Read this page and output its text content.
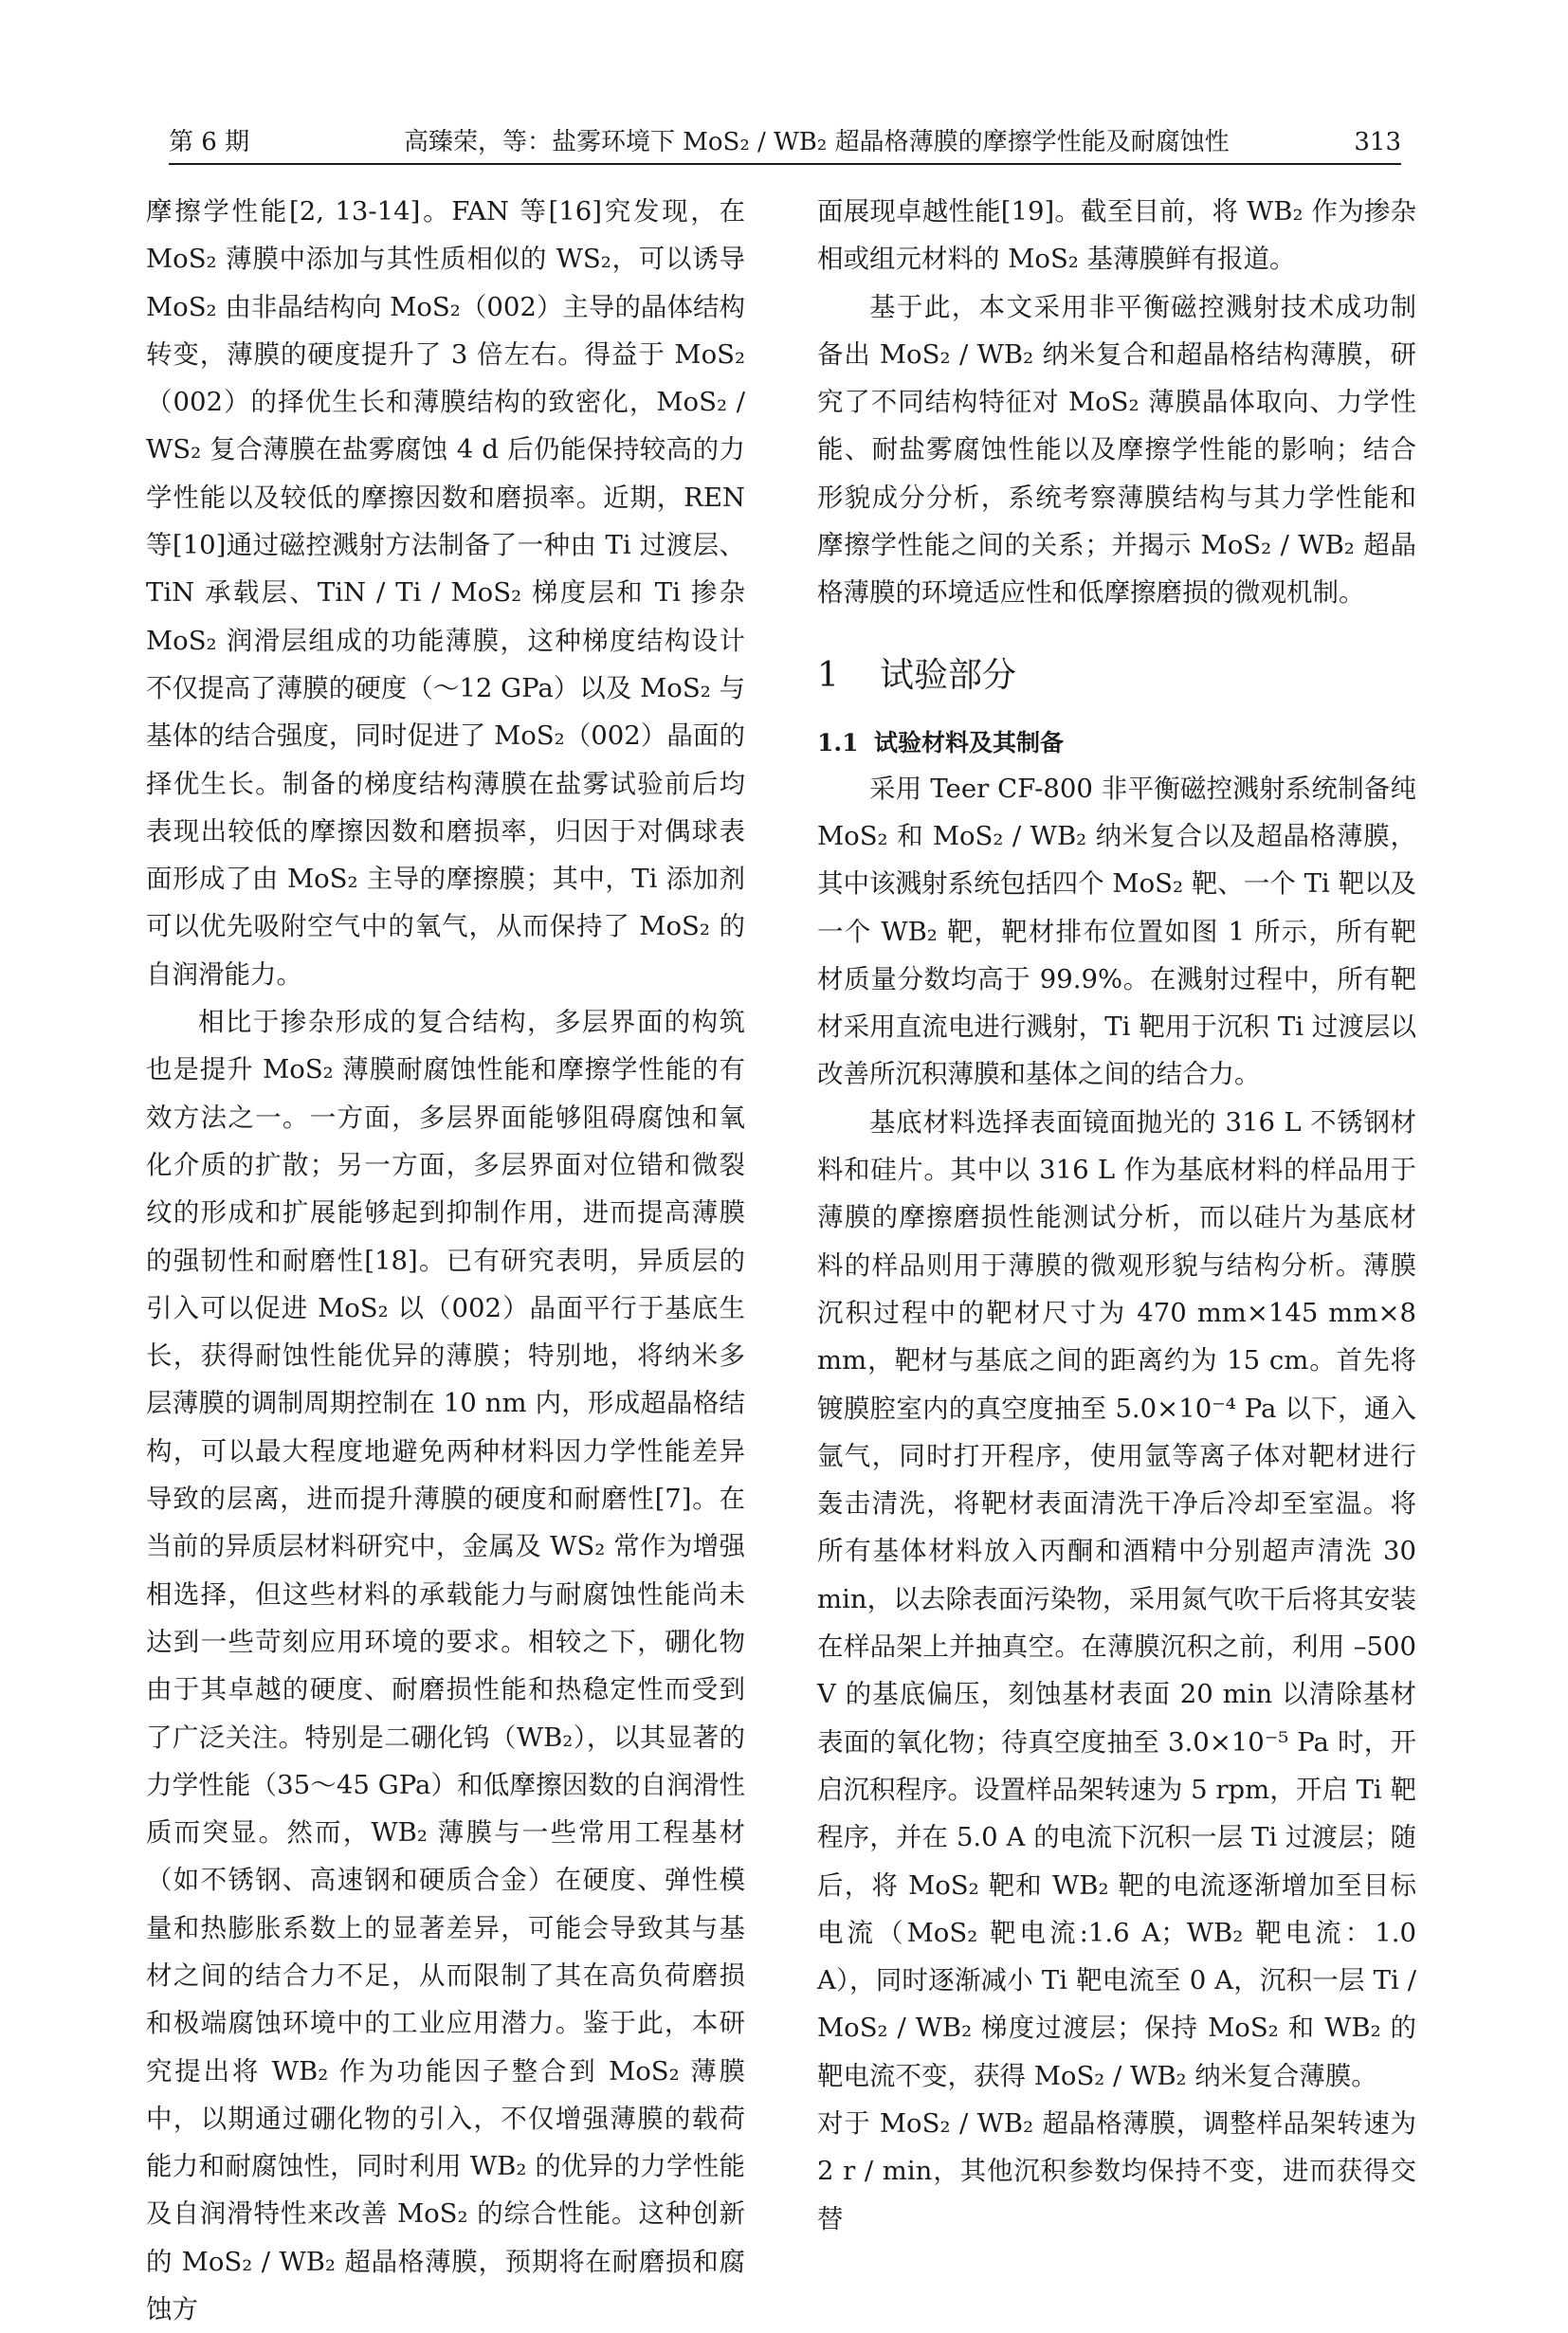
第 6 期	高臻荣，等：盐雾环境下 MoS₂ / WB₂ 超晶格薄膜的摩擦学性能及耐腐蚀性	313

摩擦学性能[2, 13-14]。FAN 等[16]究发现，在 MoS₂ 薄膜中添加与其性质相似的 WS₂，可以诱导 MoS₂ 由非晶结构向 MoS₂（002）主导的晶体结构转变，薄膜的硬度提升了 3 倍左右。得益于 MoS₂（002）的择优生长和薄膜结构的致密化，MoS₂ / WS₂ 复合薄膜在盐雾腐蚀 4 d 后仍能保持较高的力学性能以及较低的摩擦因数和磨损率。近期，REN 等[10]通过磁控溅射方法制备了一种由 Ti 过渡层、TiN 承载层、TiN / Ti / MoS₂ 梯度层和 Ti 掺杂 MoS₂ 润滑层组成的功能薄膜，这种梯度结构设计不仅提高了薄膜的硬度（～12 GPa）以及 MoS₂ 与基体的结合强度，同时促进了 MoS₂（002）晶面的择优生长。制备的梯度结构薄膜在盐雾试验前后均表现出较低的摩擦因数和磨损率，归因于对偶球表面形成了由 MoS₂ 主导的摩擦膜；其中，Ti 添加剂可以优先吸附空气中的氧气，从而保持了 MoS₂ 的自润滑能力。

相比于掺杂形成的复合结构，多层界面的构筑也是提升 MoS₂ 薄膜耐腐蚀性能和摩擦学性能的有效方法之一。一方面，多层界面能够阻碍腐蚀和氧化介质的扩散；另一方面，多层界面对位错和微裂纹的形成和扩展能够起到抑制作用，进而提高薄膜的强韧性和耐磨性[18]。已有研究表明，异质层的引入可以促进 MoS₂ 以（002）晶面平行于基底生长，获得耐蚀性能优异的薄膜；特别地，将纳米多层薄膜的调制周期控制在 10 nm 内，形成超晶格结构，可以最大程度地避免两种材料因力学性能差异导致的层离，进而提升薄膜的硬度和耐磨性[7]。在当前的异质层材料研究中，金属及 WS₂ 常作为增强相选择，但这些材料的承载能力与耐腐蚀性能尚未达到一些苛刻应用环境的要求。相较之下，硼化物由于其卓越的硬度、耐磨损性能和热稳定性而受到了广泛关注。特别是二硼化钨（WB₂），以其显著的力学性能（35～45 GPa）和低摩擦因数的自润滑性质而突显。然而，WB₂ 薄膜与一些常用工程基材（如不锈钢、高速钢和硬质合金）在硬度、弹性模量和热膨胀系数上的显著差异，可能会导致其与基材之间的结合力不足，从而限制了其在高负荷磨损和极端腐蚀环境中的工业应用潜力。鉴于此，本研究提出将 WB₂ 作为功能因子整合到 MoS₂ 薄膜中，以期通过硼化物的引入，不仅增强薄膜的载荷能力和耐腐蚀性，同时利用 WB₂ 的优异的力学性能及自润滑特性来改善 MoS₂ 的综合性能。这种创新的 MoS₂ / WB₂ 超晶格薄膜，预期将在耐磨损和腐蚀方

面展现卓越性能[19]。截至目前，将 WB₂ 作为掺杂相或组元材料的 MoS₂ 基薄膜鲜有报道。

基于此，本文采用非平衡磁控溅射技术成功制备出 MoS₂ / WB₂ 纳米复合和超晶格结构薄膜，研究了不同结构特征对 MoS₂ 薄膜晶体取向、力学性能、耐盐雾腐蚀性能以及摩擦学性能的影响；结合形貌成分分析，系统考察薄膜结构与其力学性能和摩擦学性能之间的关系；并揭示 MoS₂ / WB₂ 超晶格薄膜的环境适应性和低摩擦磨损的微观机制。

1 试验部分
1.1 试验材料及其制备

采用 Teer CF-800 非平衡磁控溅射系统制备纯 MoS₂ 和 MoS₂ / WB₂ 纳米复合以及超晶格薄膜，其中该溅射系统包括四个 MoS₂ 靶、一个 Ti 靶以及一个 WB₂ 靶，靶材排布位置如图 1 所示，所有靶材质量分数均高于 99.9%。在溅射过程中，所有靶材采用直流电进行溅射，Ti 靶用于沉积 Ti 过渡层以改善所沉积薄膜和基体之间的结合力。

基底材料选择表面镜面抛光的 316 L 不锈钢材料和硅片。其中以 316 L 作为基底材料的样品用于薄膜的摩擦磨损性能测试分析，而以硅片为基底材料的样品则用于薄膜的微观形貌与结构分析。薄膜沉积过程中的靶材尺寸为 470 mm×145 mm×8 mm，靶材与基底之间的距离约为 15 cm。首先将镀膜腔室内的真空度抽至 5.0×10⁻⁴ Pa 以下，通入氩气，同时打开程序，使用氩等离子体对靶材进行轰击清洗，将靶材表面清洗干净后冷却至室温。将所有基体材料放入丙酮和酒精中分别超声清洗 30 min，以去除表面污染物，采用氮气吹干后将其安装在样品架上并抽真空。在薄膜沉积之前，利用 –500 V 的基底偏压，刻蚀基材表面 20 min 以清除基材表面的氧化物；待真空度抽至 3.0×10⁻⁵ Pa 时，开启沉积程序。设置样品架转速为 5 rpm，开启 Ti 靶程序，并在 5.0 A 的电流下沉积一层 Ti 过渡层；随后，将 MoS₂ 靶和 WB₂ 靶的电流逐渐增加至目标电流（MoS₂ 靶电流:1.6 A；WB₂ 靶电流：1.0 A），同时逐渐减小 Ti 靶电流至 0 A，沉积一层 Ti / MoS₂ / WB₂ 梯度过渡层；保持 MoS₂ 和 WB₂ 的靶电流不变，获得 MoS₂ / WB₂ 纳米复合薄膜。

对于 MoS₂ / WB₂ 超晶格薄膜，调整样品架转速为 2 r / min，其他沉积参数均保持不变，进而获得交替
